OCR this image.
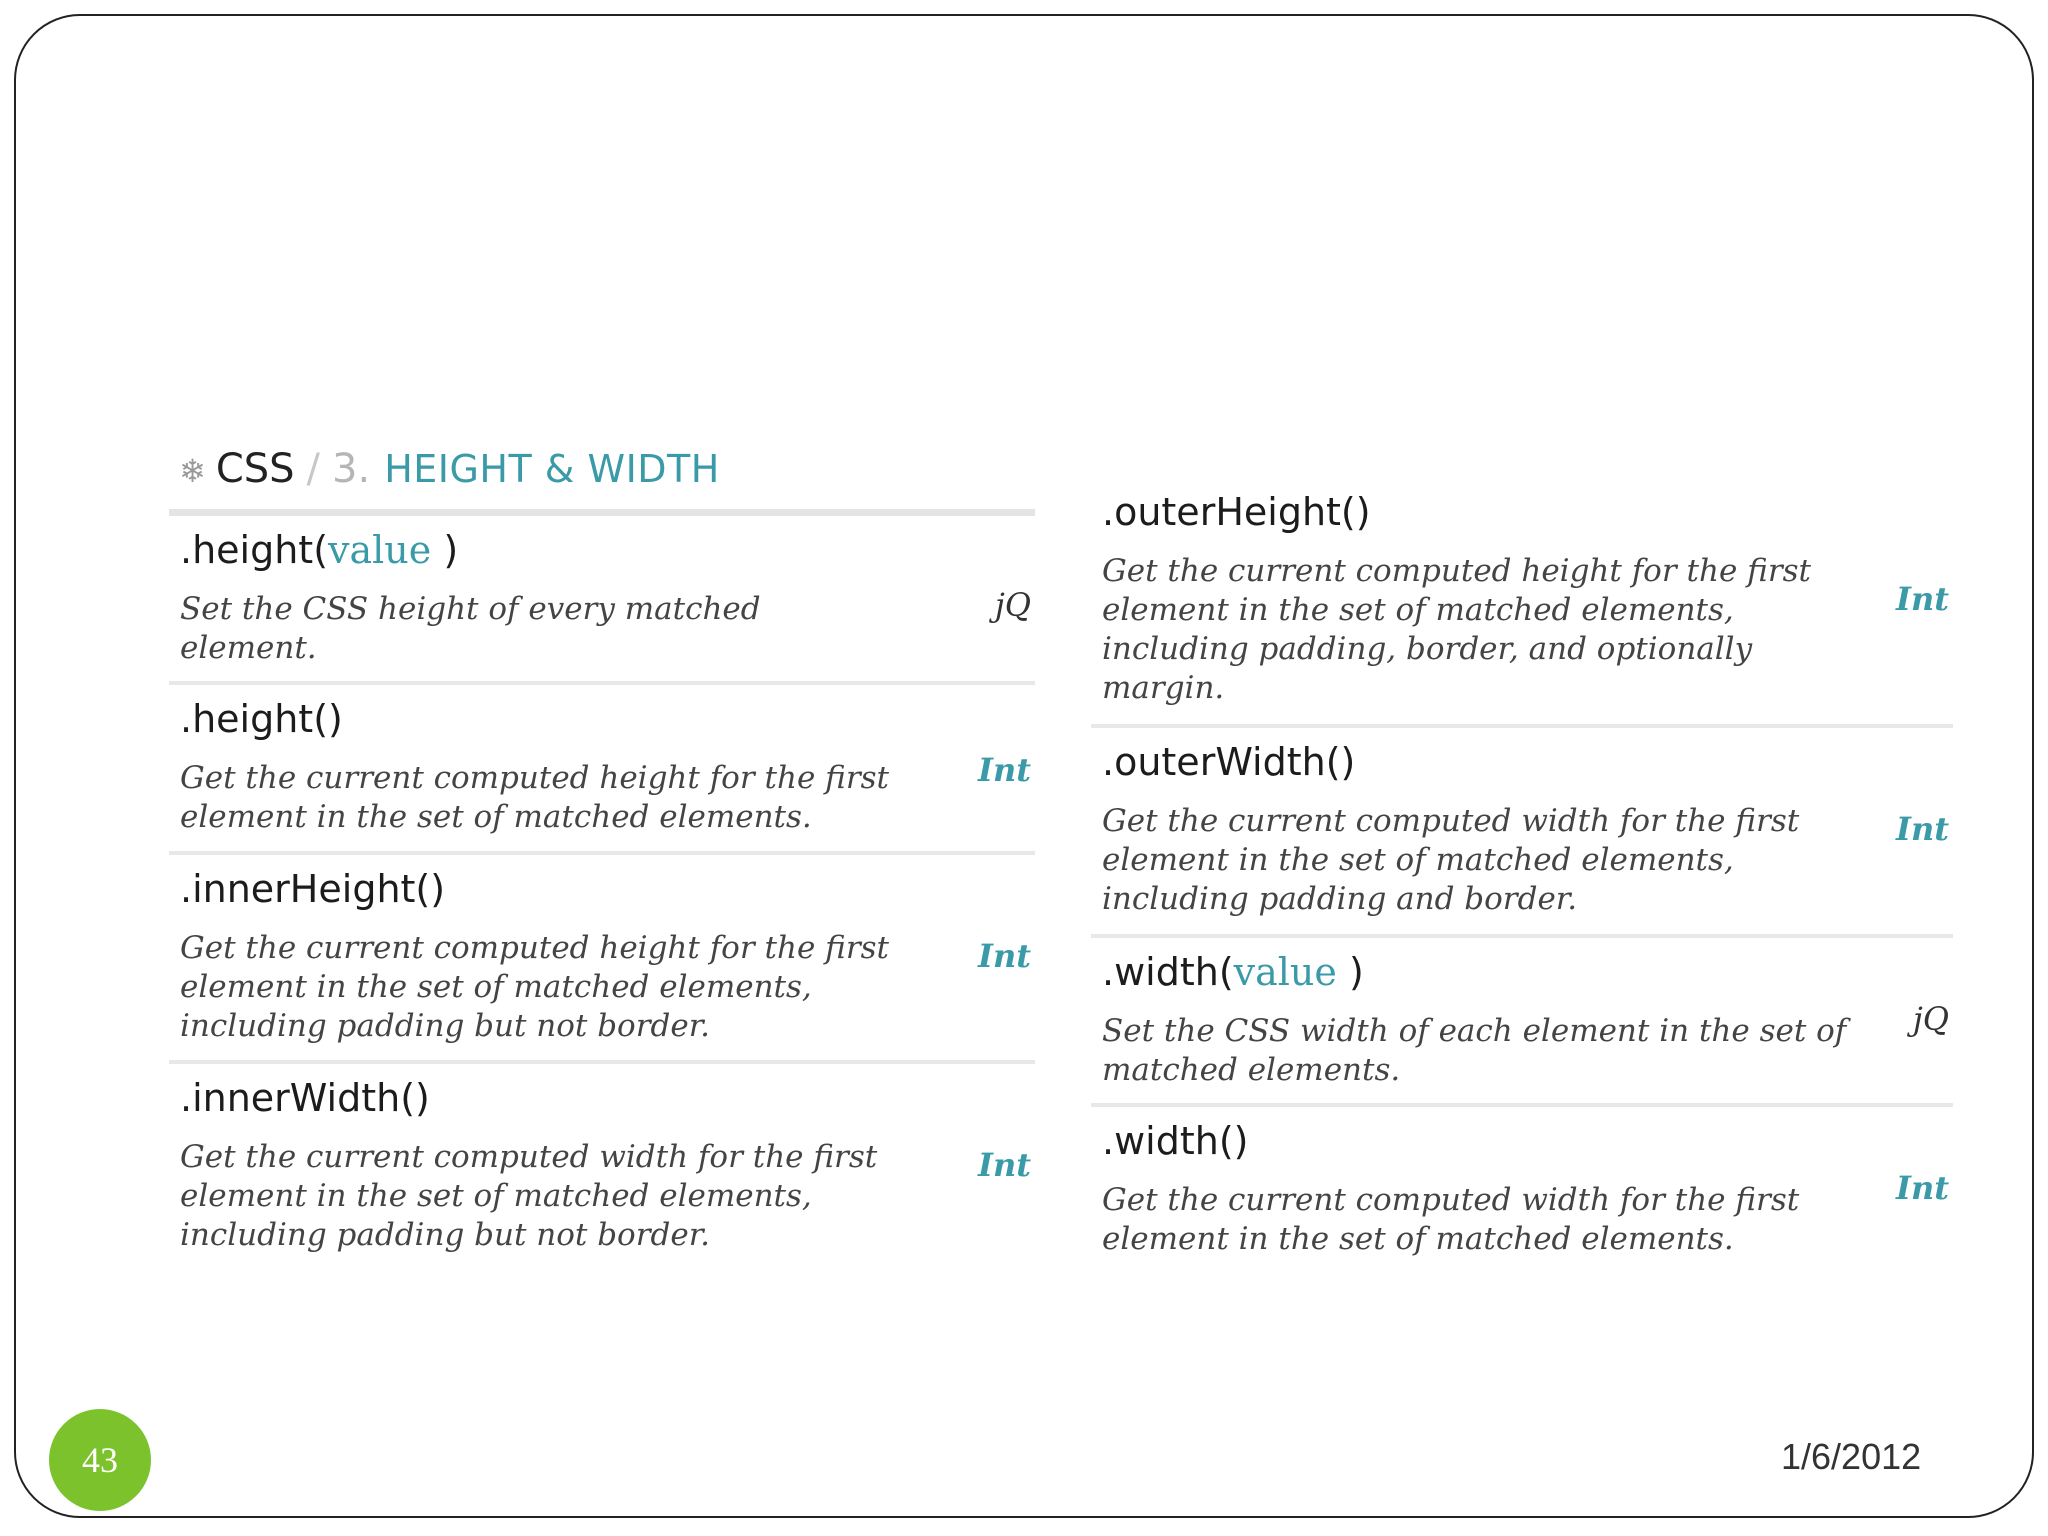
❄ CSS / 3. HEIGHT & WIDTH
.height(value )
Set the CSS height of every matched
element.
jQ
.height()
Get the current computed height for the first
element in the set of matched elements.
Int
.innerHeight()
Get the current computed height for the first
element in the set of matched elements,
including padding but not border.
Int
.innerWidth()
Get the current computed width for the first
element in the set of matched elements,
including padding but not border.
Int
.outerHeight()
Get the current computed height for the first
element in the set of matched elements,
including padding, border, and optionally
margin.
Int
.outerWidth()
Get the current computed width for the first
element in the set of matched elements,
including padding and border.
Int
.width(value )
Set the CSS width of each element in the set of
matched elements.
jQ
.width()
Get the current computed width for the first
element in the set of matched elements.
Int
43	1/6/2012
